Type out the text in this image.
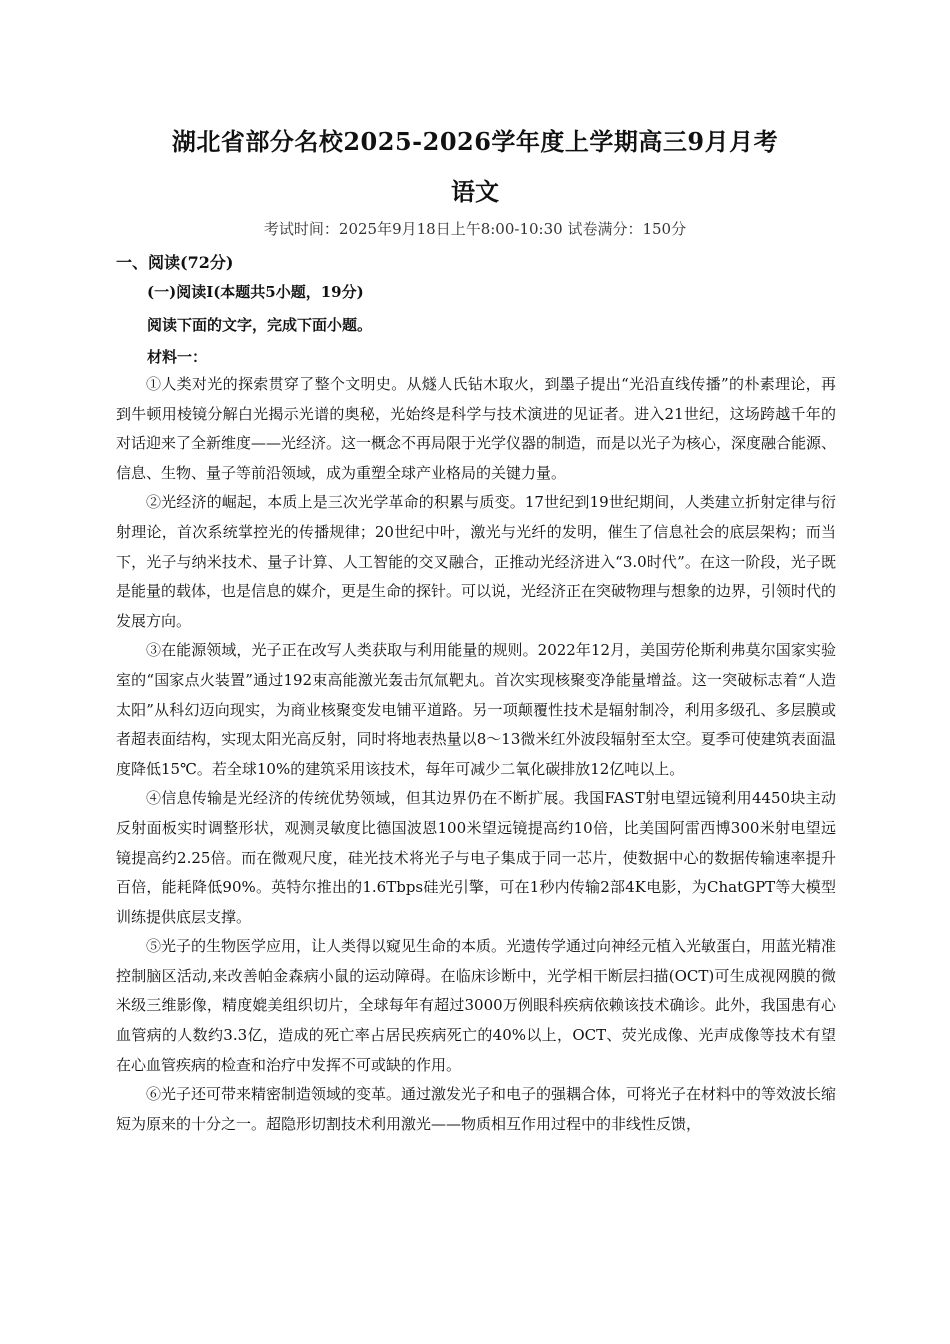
湖北省部分名校2025-2026学年度上学期高三9月月考
语文
考试时间：2025年9月18日上午8:00-10:30 试卷满分：150分
一、阅读(72分)
(一)阅读Ⅰ(本题共5小题，19分)
阅读下面的文字，完成下面小题。
材料一：

①人类对光的探索贯穿了整个文明史。从燧人氏钻木取火，到墨子提出“光沿直线传播”的朴素理论，再到牛顿用棱镜分解白光揭示光谱的奥秘，光始终是科学与技术演进的见证者。进入21世纪，这场跨越千年的对话迎来了全新维度——光经济。这一概念不再局限于光学仪器的制造，而是以光子为核心，深度融合能源、信息、生物、量子等前沿领域，成为重塑全球产业格局的关键力量。

②光经济的崛起，本质上是三次光学革命的积累与质变。17世纪到19世纪期间，人类建立折射定律与衍射理论，首次系统掌控光的传播规律；20世纪中叶，激光与光纤的发明，催生了信息社会的底层架构；而当下，光子与纳米技术、量子计算、人工智能的交叉融合，正推动光经济进入“3.0时代”。在这一阶段，光子既是能量的载体，也是信息的媒介，更是生命的探针。可以说，光经济正在突破物理与想象的边界，引领时代的发展方向。

③在能源领域，光子正在改写人类获取与利用能量的规则。2022年12月，美国劳伦斯利弗莫尔国家实验室的“国家点火装置”通过192束高能激光轰击氘氚靶丸。首次实现核聚变净能量增益。这一突破标志着“人造太阳”从科幻迈向现实，为商业核聚变发电铺平道路。另一项颠覆性技术是辐射制冷，利用多级孔、多层膜或者超表面结构，实现太阳光高反射，同时将地表热量以8～13微米红外波段辐射至太空。夏季可使建筑表面温度降低15℃。若全球10%的建筑采用该技术，每年可减少二氧化碳排放12亿吨以上。

④信息传输是光经济的传统优势领域，但其边界仍在不断扩展。我国FAST射电望远镜利用4450块主动反射面板实时调整形状，观测灵敏度比德国波恩100米望远镜提高约10倍，比美国阿雷西博300米射电望远镜提高约2.25倍。而在微观尺度，硅光技术将光子与电子集成于同一芯片，使数据中心的数据传输速率提升百倍，能耗降低90%。英特尔推出的1.6Tbps硅光引擎，可在1秒内传输2部4K电影，为ChatGPT等大模型训练提供底层支撑。

⑤光子的生物医学应用，让人类得以窥见生命的本质。光遗传学通过向神经元植入光敏蛋白，用蓝光精准控制脑区活动,来改善帕金森病小鼠的运动障碍。在临床诊断中，光学相干断层扫描(OCT)可生成视网膜的微米级三维影像，精度媲美组织切片，全球每年有超过3000万例眼科疾病依赖该技术确诊。此外，我国患有心血管病的人数约3.3亿，造成的死亡率占居民疾病死亡的40%以上，OCT、荧光成像、光声成像等技术有望在心血管疾病的检查和治疗中发挥不可或缺的作用。

⑥光子还可带来精密制造领域的变革。通过激发光子和电子的强耦合体，可将光子在材料中的等效波长缩短为原来的十分之一。超隐形切割技术利用激光——物质相互作用过程中的非线性反馈，
